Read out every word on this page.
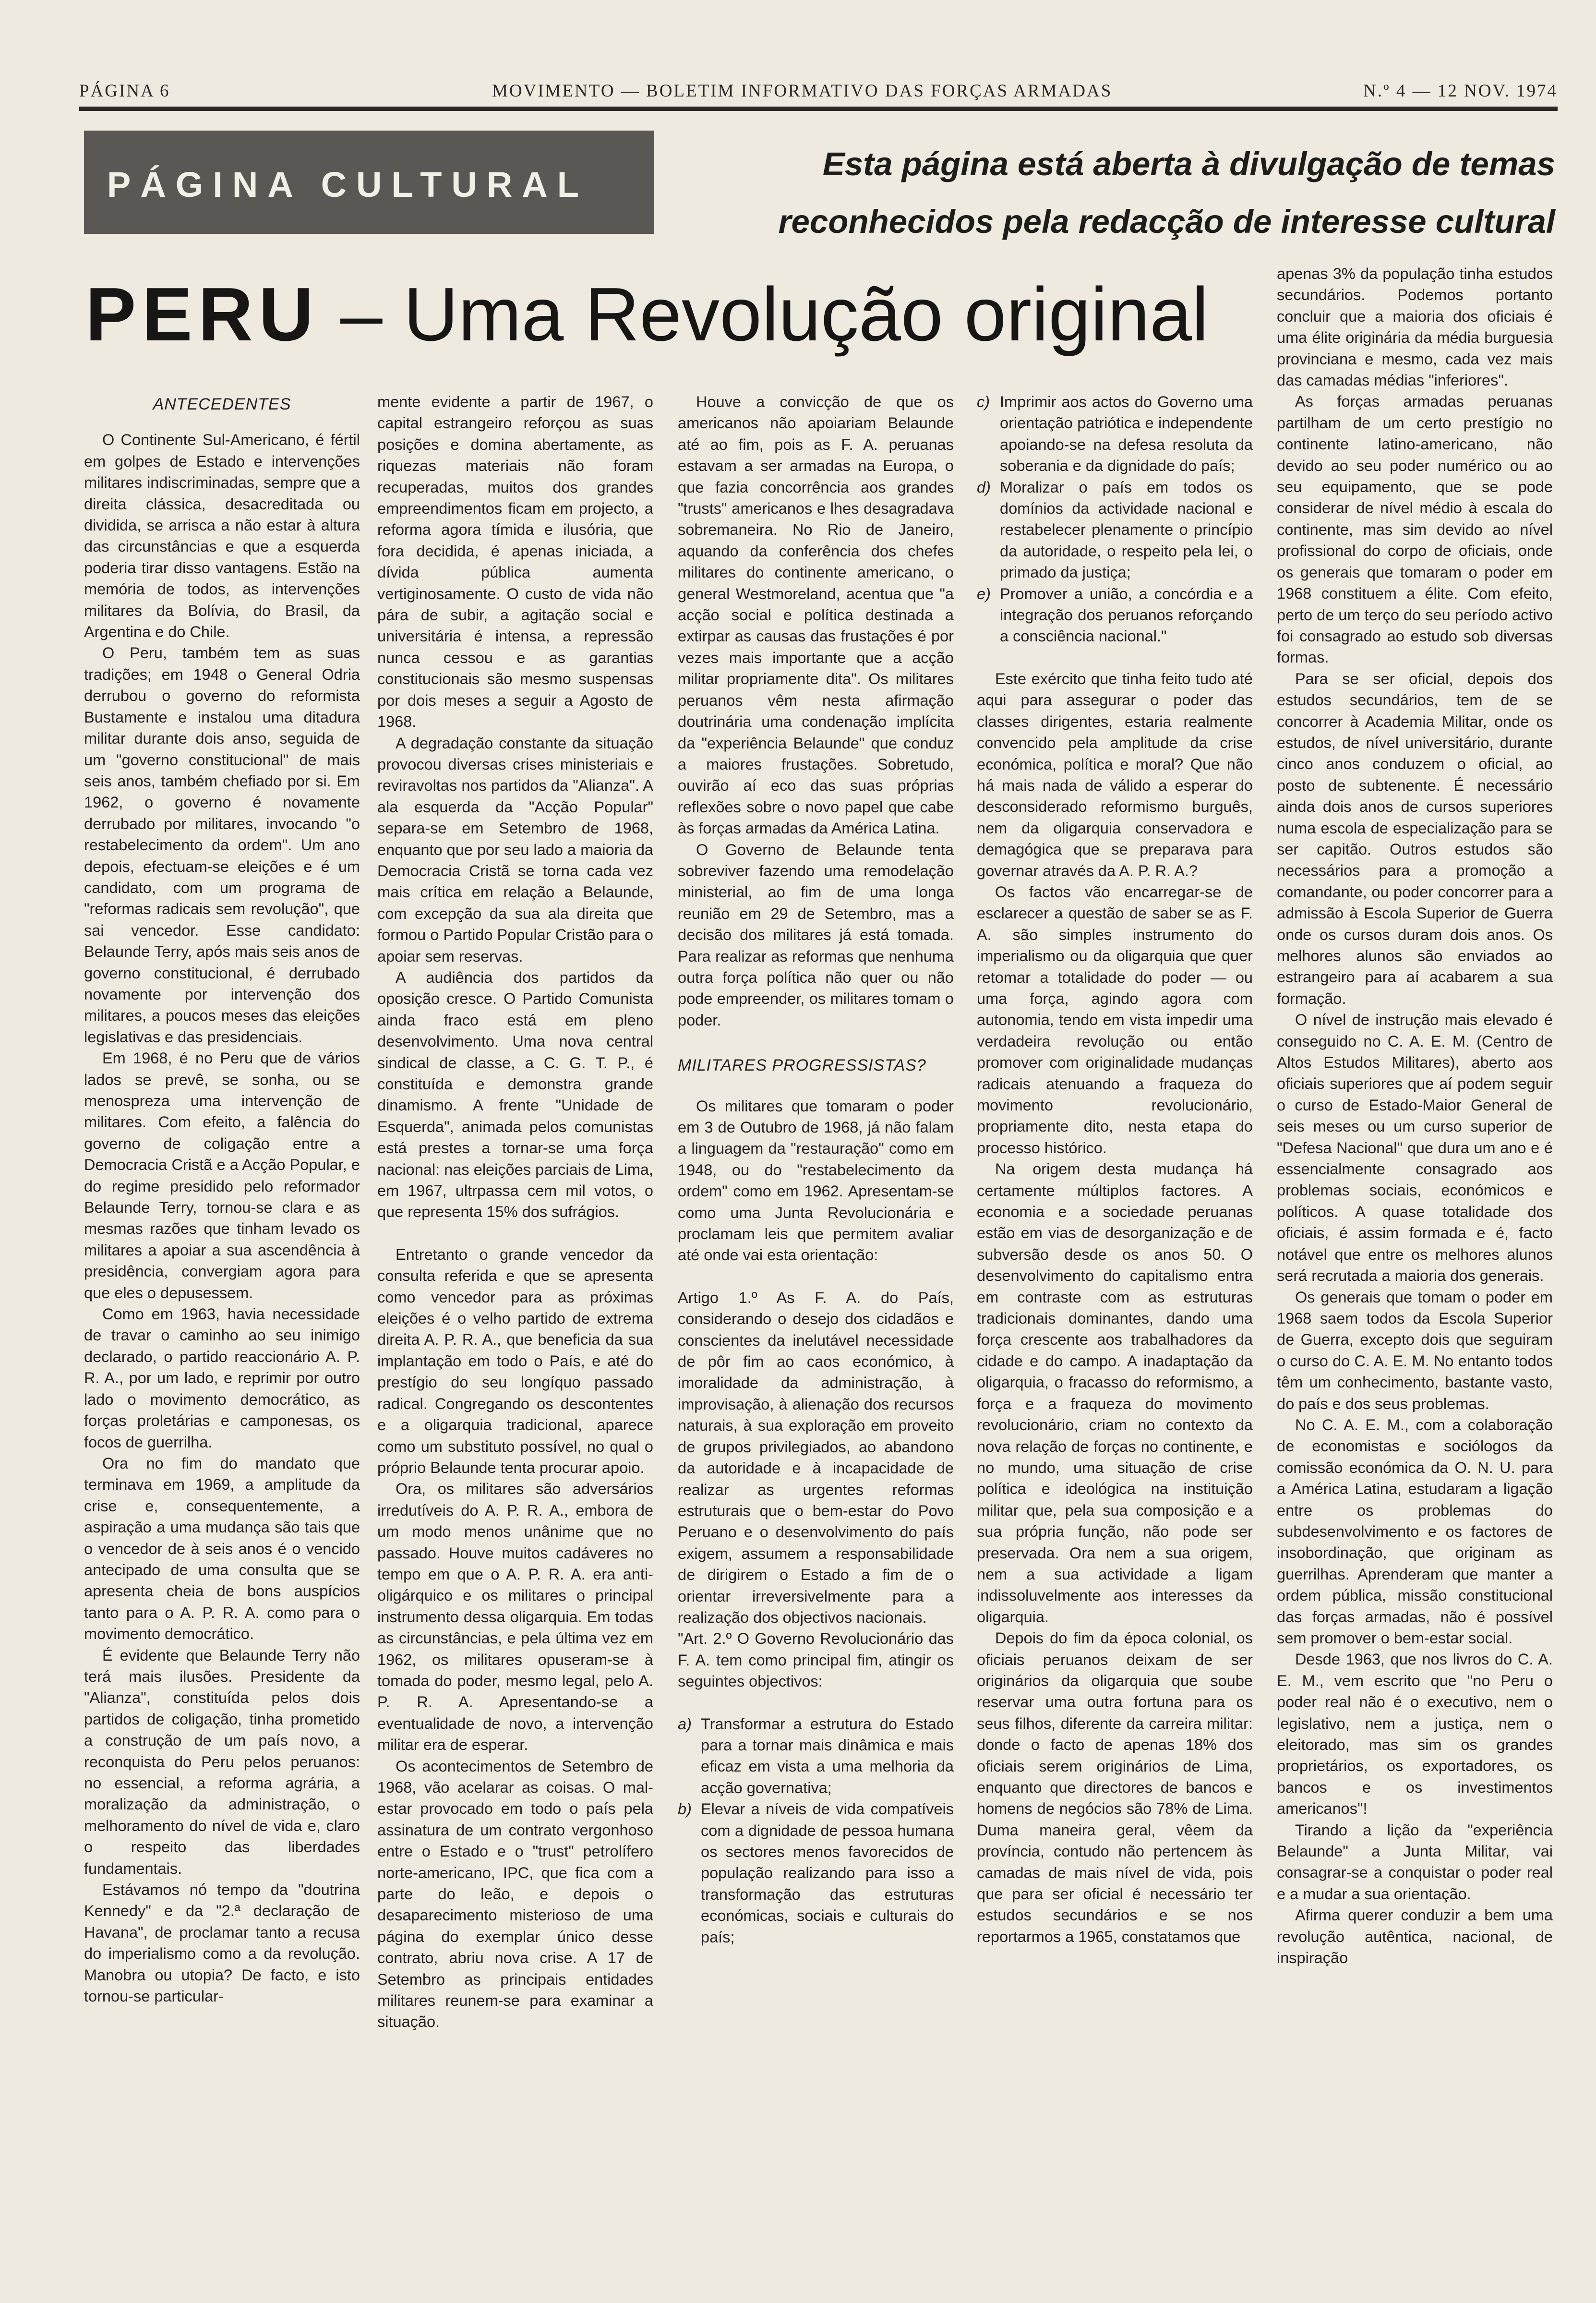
PÁGINA 6	MOVIMENTO — BOLETIM INFORMATIVO DAS FORÇAS ARMADAS	N.º 4 — 12 NOV. 1974
PÁGINA CULTURAL
Esta página está aberta à divulgação de temas
reconhecidos pela redacção de interesse cultural
PERU – Uma Revolução original
ANTECEDENTES

O Continente Sul-Americano, é fértil em golpes de Estado e intervenções militares indiscriminadas, sempre que a direita clássica, desacreditada ou dividida, se arrisca a não estar à altura das circunstâncias e que a esquerda poderia tirar disso vantagens. Estão na memória de todos, as intervenções militares da Bolívia, do Brasil, da Argentina e do Chile.

O Peru, também tem as suas tradições; em 1948 o General Odria derrubou o governo do reformista Bustamente e instalou uma ditadura militar durante dois anso, seguida de um "governo constitucional" de mais seis anos, também chefiado por si. Em 1962, o governo é novamente derrubado por militares, invocando "o restabelecimento da ordem". Um ano depois, efectuam-se eleições e é um candidato, com um programa de "reformas radicais sem revolução", que sai vencedor. Esse candidato: Belaunde Terry, após mais seis anos de governo constitucional, é derrubado novamente por intervenção dos militares, a poucos meses das eleições legislativas e das presidenciais.

Em 1968, é no Peru que de vários lados se prevê, se sonha, ou se menospreza uma intervenção de militares. Com efeito, a falência do governo de coligação entre a Democracia Cristã e a Acção Popular, e do regime presidido pelo reformador Belaunde Terry, tornou-se clara e as mesmas razões que tinham levado os militares a apoiar a sua ascendência à presidência, convergiam agora para que eles o depusessem.

Como em 1963, havia necessidade de travar o caminho ao seu inimigo declarado, o partido reaccionário A. P. R. A., por um lado, e reprimir por outro lado o movimento democrático, as forças proletárias e camponesas, os focos de guerrilha.

Ora no fim do mandato que terminava em 1969, a amplitude da crise e, consequentemente, a aspiração a uma mudança são tais que o vencedor de à seis anos é o vencido antecipado de uma consulta que se apresenta cheia de bons auspícios tanto para o A. P. R. A. como para o movimento democrático.

É evidente que Belaunde Terry não terá mais ilusões. Presidente da "Alianza", constituída pelos dois partidos de coligação, tinha prometido a construção de um país novo, a reconquista do Peru pelos peruanos: no essencial, a reforma agrária, a moralização da administração, o melhoramento do nível de vida e, claro o respeito das liberdades fundamentais.

Estávamos nó tempo da "doutrina Kennedy" e da "2.ª declaração de Havana", de proclamar tanto a recusa do imperialismo como a da revolução. Manobra ou utopia? De facto, e isto tornou-se particular-

mente evidente a partir de 1967, o capital estrangeiro reforçou as suas posições e domina abertamente, as riquezas materiais não foram recuperadas, muitos dos grandes empreendimentos ficam em projecto, a reforma agora tímida e ilusória, que fora decidida, é apenas iniciada, a dívida pública aumenta vertiginosamente. O custo de vida não pára de subir, a agitação social e universitária é intensa, a repressão nunca cessou e as garantias constitucionais são mesmo suspensas por dois meses a seguir a Agosto de 1968.

A degradação constante da situação provocou diversas crises ministeriais e reviravoltas nos partidos da "Alianza". A ala esquerda da "Acção Popular" separa-se em Setembro de 1968, enquanto que por seu lado a maioria da Democracia Cristã se torna cada vez mais crítica em relação a Belaunde, com excepção da sua ala direita que formou o Partido Popular Cristão para o apoiar sem reservas.

A audiência dos partidos da oposição cresce. O Partido Comunista ainda fraco está em pleno desenvolvimento. Uma nova central sindical de classe, a C. G. T. P., é constituída e demonstra grande dinamismo. A frente "Unidade de Esquerda", animada pelos comunistas está prestes a tornar-se uma força nacional: nas eleições parciais de Lima, em 1967, ultrpassa cem mil votos, o que representa 15% dos sufrágios.

Entretanto o grande vencedor da consulta referida e que se apresenta como vencedor para as próximas eleições é o velho partido de extrema direita A. P. R. A., que beneficia da sua implantação em todo o País, e até do prestígio do seu longíquo passado radical. Congregando os descontentes e a oligarquia tradicional, aparece como um substituto possível, no qual o próprio Belaunde tenta procurar apoio.

Ora, os militares são adversários irredutíveis do A. P. R. A., embora de um modo menos unânime que no passado. Houve muitos cadáveres no tempo em que o A. P. R. A. era anti-oligárquico e os militares o principal instrumento dessa oligarquia. Em todas as circunstâncias, e pela última vez em 1962, os militares opuseram-se à tomada do poder, mesmo legal, pelo A. P. R. A. Apresentando-se a eventualidade de novo, a intervenção militar era de esperar.

Os acontecimentos de Setembro de 1968, vão acelarar as coisas. O mal-estar provocado em todo o país pela assinatura de um contrato vergonhoso entre o Estado e o "trust" petrolífero norte-americano, IPC, que fica com a parte do leão, e depois o desaparecimento misterioso de uma página do exemplar único desse contrato, abriu nova crise. A 17 de Setembro as principais entidades militares reunem-se para examinar a situação.

Houve a convicção de que os americanos não apoiariam Belaunde até ao fim, pois as F. A. peruanas estavam a ser armadas na Europa, o que fazia concorrência aos grandes "trusts" americanos e lhes desagradava sobremaneira. No Rio de Janeiro, aquando da conferência dos chefes militares do continente americano, o general Westmoreland, acentua que "a acção social e política destinada a extirpar as causas das frustações é por vezes mais importante que a acção militar propriamente dita". Os militares peruanos vêm nesta afirmação doutrinária uma condenação implícita da "experiência Belaunde" que conduz a maiores frustações. Sobretudo, ouvirão aí eco das suas próprias reflexões sobre o novo papel que cabe às forças armadas da América Latina.

O Governo de Belaunde tenta sobreviver fazendo uma remodelação ministerial, ao fim de uma longa reunião em 29 de Setembro, mas a decisão dos militares já está tomada. Para realizar as reformas que nenhuma outra força política não quer ou não pode empreender, os militares tomam o poder.

MILITARES PROGRESSISTAS?

Os militares que tomaram o poder em 3 de Outubro de 1968, já não falam a linguagem da "restauração" como em 1948, ou do "restabelecimento da ordem" como em 1962. Apresentam-se como uma Junta Revolucionária e proclamam leis que permitem avaliar até onde vai esta orientação:

Artigo 1.º As F. A. do País, considerando o desejo dos cidadãos e conscientes da inelutável necessidade de pôr fim ao caos económico, à imoralidade da administração, à improvisação, à alienação dos recursos naturais, à sua exploração em proveito de grupos privilegiados, ao abandono da autoridade e à incapacidade de realizar as urgentes reformas estruturais que o bem-estar do Povo Peruano e o desenvolvimento do país exigem, assumem a responsabilidade de dirigirem o Estado a fim de o orientar irreversivelmente para a realização dos objectivos nacionais.

"Art. 2.º O Governo Revolucionário das F. A. tem como principal fim, atingir os seguintes objectivos:

a) Transformar a estrutura do Estado para a tornar mais dinâmica e mais eficaz em vista a uma melhoria da acção governativa;
b) Elevar a níveis de vida compatíveis com a dignidade de pessoa humana os sectores menos favorecidos de população realizando para isso a transformação das estruturas económicas, sociais e culturais do país;
c) Imprimir aos actos do Governo uma orientação patriótica e independente apoiando-se na defesa resoluta da soberania e da dignidade do país;
d) Moralizar o país em todos os domínios da actividade nacional e restabelecer plenamente o princípio da autoridade, o respeito pela lei, o primado da justiça;
e) Promover a união, a concórdia e a integração dos peruanos reforçando a consciência nacional."

Este exército que tinha feito tudo até aqui para assegurar o poder das classes dirigentes, estaria realmente convencido pela amplitude da crise económica, política e moral? Que não há mais nada de válido a esperar do desconsiderado reformismo burguês, nem da oligarquia conservadora e demagógica que se preparava para governar através da A. P. R. A.?

Os factos vão encarregar-se de esclarecer a questão de saber se as F. A. são simples instrumento do imperialismo ou da oligarquia que quer retomar a totalidade do poder — ou uma força, agindo agora com autonomia, tendo em vista impedir uma verdadeira revolução ou então promover com originalidade mudanças radicais atenuando a fraqueza do movimento revolucionário, propriamente dito, nesta etapa do processo histórico.

Na origem desta mudança há certamente múltiplos factores. A economia e a sociedade peruanas estão em vias de desorganização e de subversão desde os anos 50. O desenvolvimento do capitalismo entra em contraste com as estruturas tradicionais dominantes, dando uma força crescente aos trabalhadores da cidade e do campo. A inadaptação da oligarquia, o fracasso do reformismo, a força e a fraqueza do movimento revolucionário, criam no contexto da nova relação de forças no continente, e no mundo, uma situação de crise política e ideológica na instituição militar que, pela sua composição e a sua própria função, não pode ser preservada. Ora nem a sua origem, nem a sua actividade a ligam indissoluvelmente aos interesses da oligarquia.

Depois do fim da época colonial, os oficiais peruanos deixam de ser originários da oligarquia que soube reservar uma outra fortuna para os seus filhos, diferente da carreira militar: donde o facto de apenas 18% dos oficiais serem originários de Lima, enquanto que directores de bancos e homens de negócios são 78% de Lima. Duma maneira geral, vêem da província, contudo não pertencem às camadas de mais nível de vida, pois que para ser oficial é necessário ter estudos secundários e se nos reportarmos a 1965, constatamos que

apenas 3% da população tinha estudos secundários. Podemos portanto concluir que a maioria dos oficiais é uma élite originária da média burguesia provinciana e mesmo, cada vez mais das camadas médias "inferiores".

As forças armadas peruanas partilham de um certo prestígio no continente latino-americano, não devido ao seu poder numérico ou ao seu equipamento, que se pode considerar de nível médio à escala do continente, mas sim devido ao nível profissional do corpo de oficiais, onde os generais que tomaram o poder em 1968 constituem a élite. Com efeito, perto de um terço do seu período activo foi consagrado ao estudo sob diversas formas.

Para se ser oficial, depois dos estudos secundários, tem de se concorrer à Academia Militar, onde os estudos, de nível universitário, durante cinco anos conduzem o oficial, ao posto de subtenente. É necessário ainda dois anos de cursos superiores numa escola de especialização para se ser capitão. Outros estudos são necessários para a promoção a comandante, ou poder concorrer para a admissão à Escola Superior de Guerra onde os cursos duram dois anos. Os melhores alunos são enviados ao estrangeiro para aí acabarem a sua formação.

O nível de instrução mais elevado é conseguido no C. A. E. M. (Centro de Altos Estudos Militares), aberto aos oficiais superiores que aí podem seguir o curso de Estado-Maior General de seis meses ou um curso superior de "Defesa Nacional" que dura um ano e é essencialmente consagrado aos problemas sociais, económicos e políticos. A quase totalidade dos oficiais, é assim formada e é, facto notável que entre os melhores alunos será recrutada a maioria dos generais.

Os generais que tomam o poder em 1968 saem todos da Escola Superior de Guerra, excepto dois que seguiram o curso do C. A. E. M. No entanto todos têm um conhecimento, bastante vasto, do país e dos seus problemas.

No C. A. E. M., com a colaboração de economistas e sociólogos da comissão económica da O. N. U. para a América Latina, estudaram a ligação entre os problemas do subdesenvolvimento e os factores de insobordinação, que originam as guerrilhas. Aprenderam que manter a ordem pública, missão constitucional das forças armadas, não é possível sem promover o bem-estar social.

Desde 1963, que nos livros do C. A. E. M., vem escrito que "no Peru o poder real não é o executivo, nem o legislativo, nem a justiça, nem o eleitorado, mas sim os grandes proprietários, os exportadores, os bancos e os investimentos americanos"!

Tirando a lição da "experiência Belaunde" a Junta Militar, vai consagrar-se a conquistar o poder real e a mudar a sua orientação.

Afirma querer conduzir a bem uma revolução autêntica, nacional, de inspiração
